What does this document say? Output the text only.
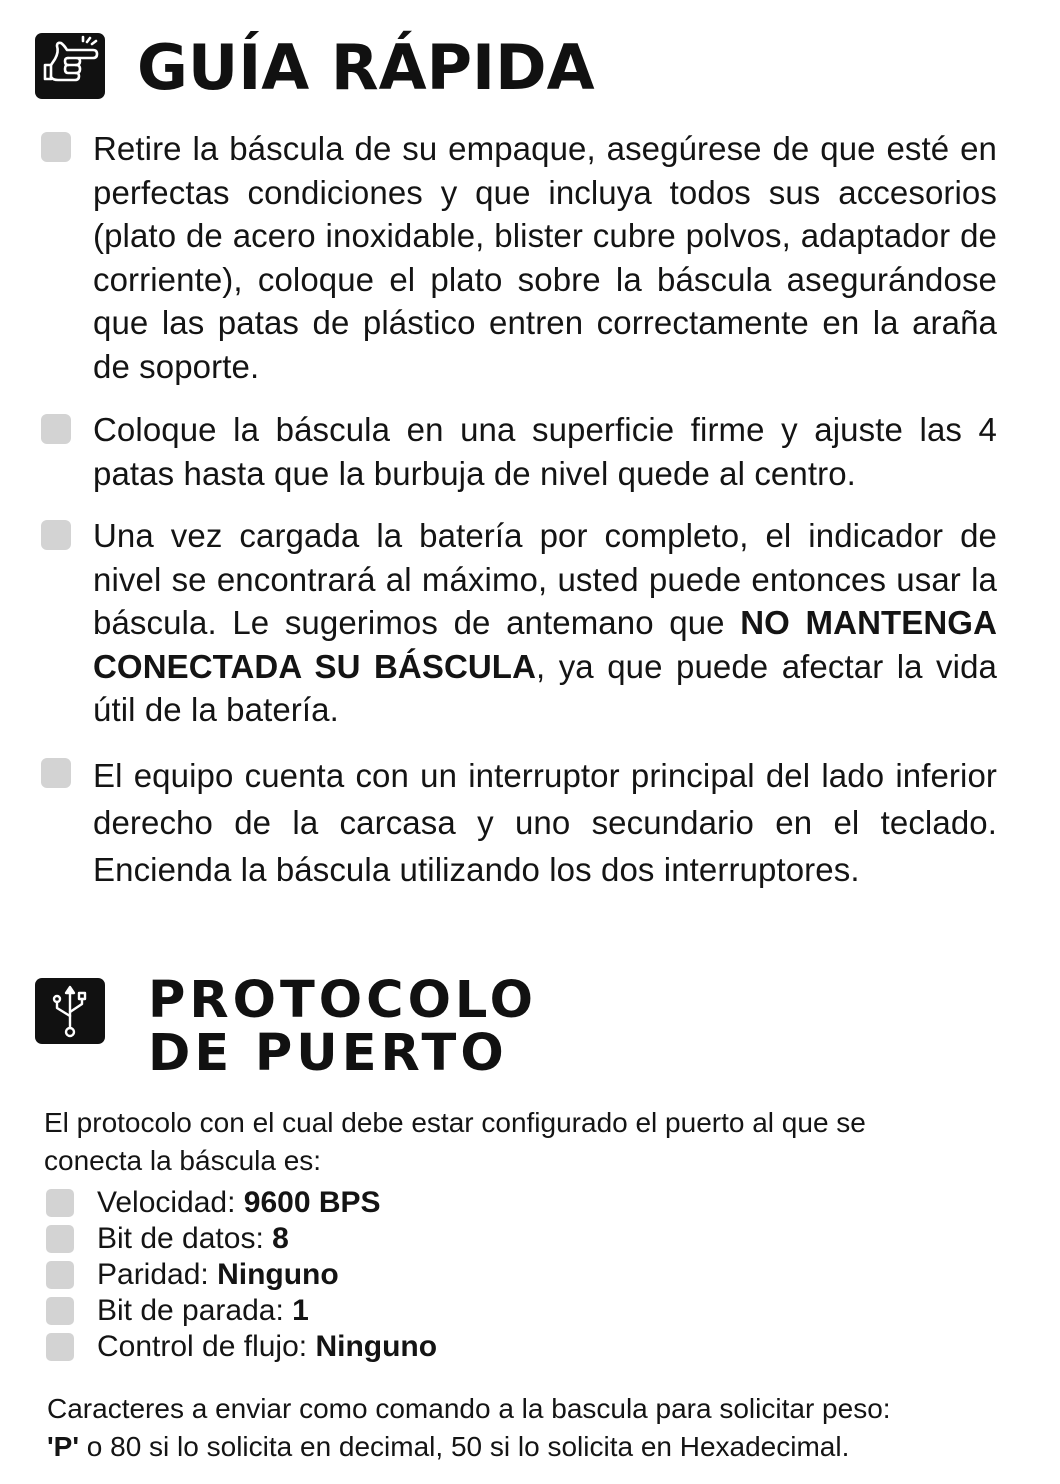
GUÍA RÁPIDA

Retire la báscula de su empaque, asegúrese de que esté en perfectas condiciones y que incluya todos sus accesorios (plato de acero inoxidable, blister cubre polvos, adaptador de corriente), coloque el plato sobre la báscula asegurándose que las patas de plástico entren correctamente en la araña de soporte.

Coloque la báscula en una superficie firme y ajuste las 4 patas hasta que la burbuja de nivel quede al centro.

Una vez cargada la batería por completo, el indicador de nivel se encontrará al máximo, usted puede entonces usar la báscula. Le sugerimos de antemano que NO MANTENGA CONECTADA SU BÁSCULA, ya que puede afectar la vida útil de la batería.

El equipo cuenta con un interruptor principal del lado inferior derecho de la carcasa y uno secundario en el teclado. Encienda la báscula utilizando los dos interruptores.

PROTOCOLO
DE PUERTO

El protocolo con el cual debe estar configurado el puerto al que se conecta la báscula es:

Velocidad: 9600 BPS

Bit de datos: 8

Paridad: Ninguno

Bit de parada: 1

Control de flujo: Ninguno

Caracteres a enviar como comando a la bascula para solicitar peso:
'P' o 80 si lo solicita en decimal, 50 si lo solicita en Hexadecimal.
